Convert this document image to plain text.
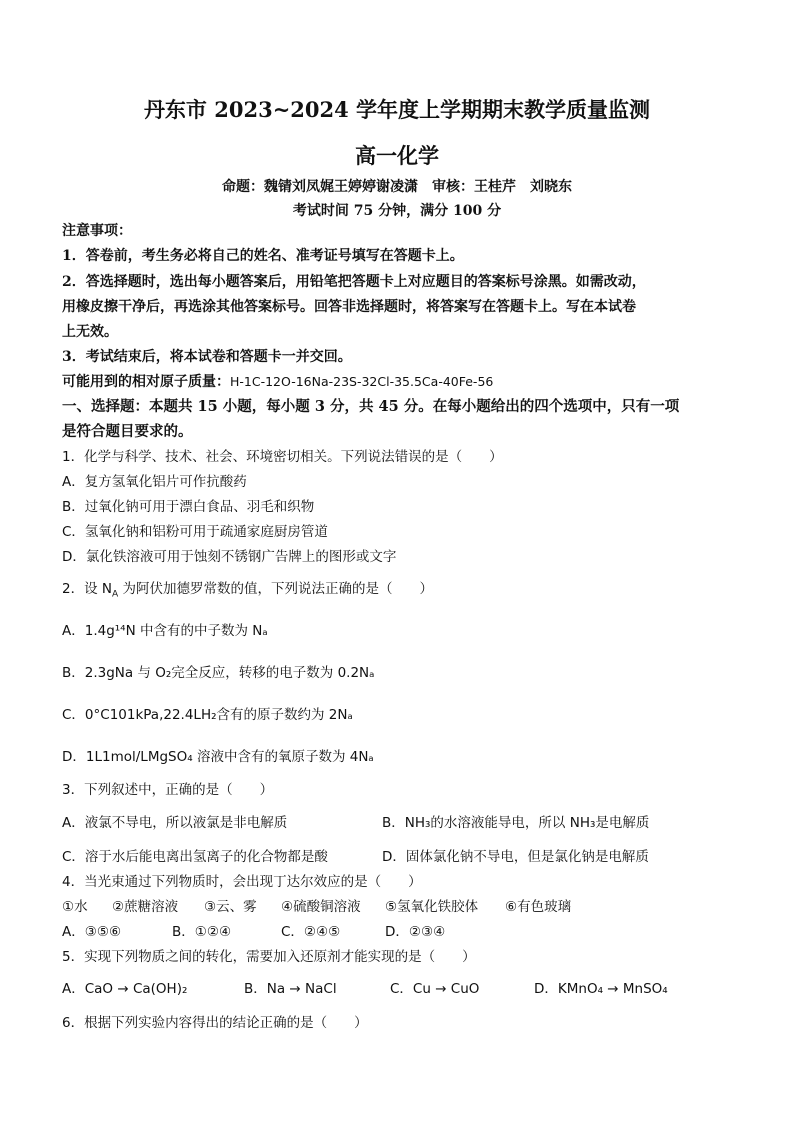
丹东市 2023~2024 学年度上学期期末教学质量监测
高一化学
命题：魏锖刘凤娓王婷婷谢凌潇　审核：王桂芹　刘晓东
考试时间 75 分钟，满分 100 分
注意事项：
1．答卷前，考生务必将自己的姓名、准考证号填写在答题卡上。
2．答选择题时，选出每小题答案后，用铅笔把答题卡上对应题目的答案标号涂黑。如需改动，
用橡皮擦干净后，再选涂其他答案标号。回答非选择题时，将答案写在答题卡上。写在本试卷
上无效。
3．考试结束后，将本试卷和答题卡一并交回。
可能用到的相对原子质量：H-1C-12O-16Na-23S-32Cl-35.5Ca-40Fe-56
一、选择题：本题共 15 小题，每小题 3 分，共 45 分。在每小题给出的四个选项中，只有一项
是符合题目要求的。
1．化学与科学、技术、社会、环境密切相关。下列说法错误的是（　　）
A．复方氢氧化铝片可作抗酸药
B．过氧化钠可用于漂白食品、羽毛和织物
C．氢氧化钠和铝粉可用于疏通家庭厨房管道
D．氯化铁溶液可用于蚀刻不锈钢广告牌上的图形或文字
2．设 $N_A$ 为阿伏加德罗常数的值，下列说法正确的是（　　）
A．1.4g¹⁴N 中含有的中子数为 Nₐ
B．2.3gNa 与 O₂完全反应，转移的电子数为 0.2Nₐ
C．0°C101kPa,22.4LH₂含有的原子数约为 2Nₐ
D．1L1mol/LMgSO₄ 溶液中含有的氧原子数为 4Nₐ
3．下列叙述中，正确的是（　　）
A．液氯不导电，所以液氯是非电解质	B．NH₃的水溶液能导电，所以 NH₃是电解质
C．溶于水后能电离出氢离子的化合物都是酸	D．固体氯化钠不导电，但是氯化钠是电解质
4．当光束通过下列物质时，会出现丁达尔效应的是（　　）
①水 ②蔗糖溶液 ③云、雾 ④硫酸铜溶液 ⑤氢氧化铁胶体 ⑥有色玻璃
A．③⑤⑥	B．①②④	C．②④⑤	D．②③④
5．实现下列物质之间的转化，需要加入还原剂才能实现的是（　　）
A．CaO → Ca(OH)₂	B．Na → NaCl	C．Cu → CuO	D．KMnO₄ → MnSO₄
6．根据下列实验内容得出的结论正确的是（　　）
